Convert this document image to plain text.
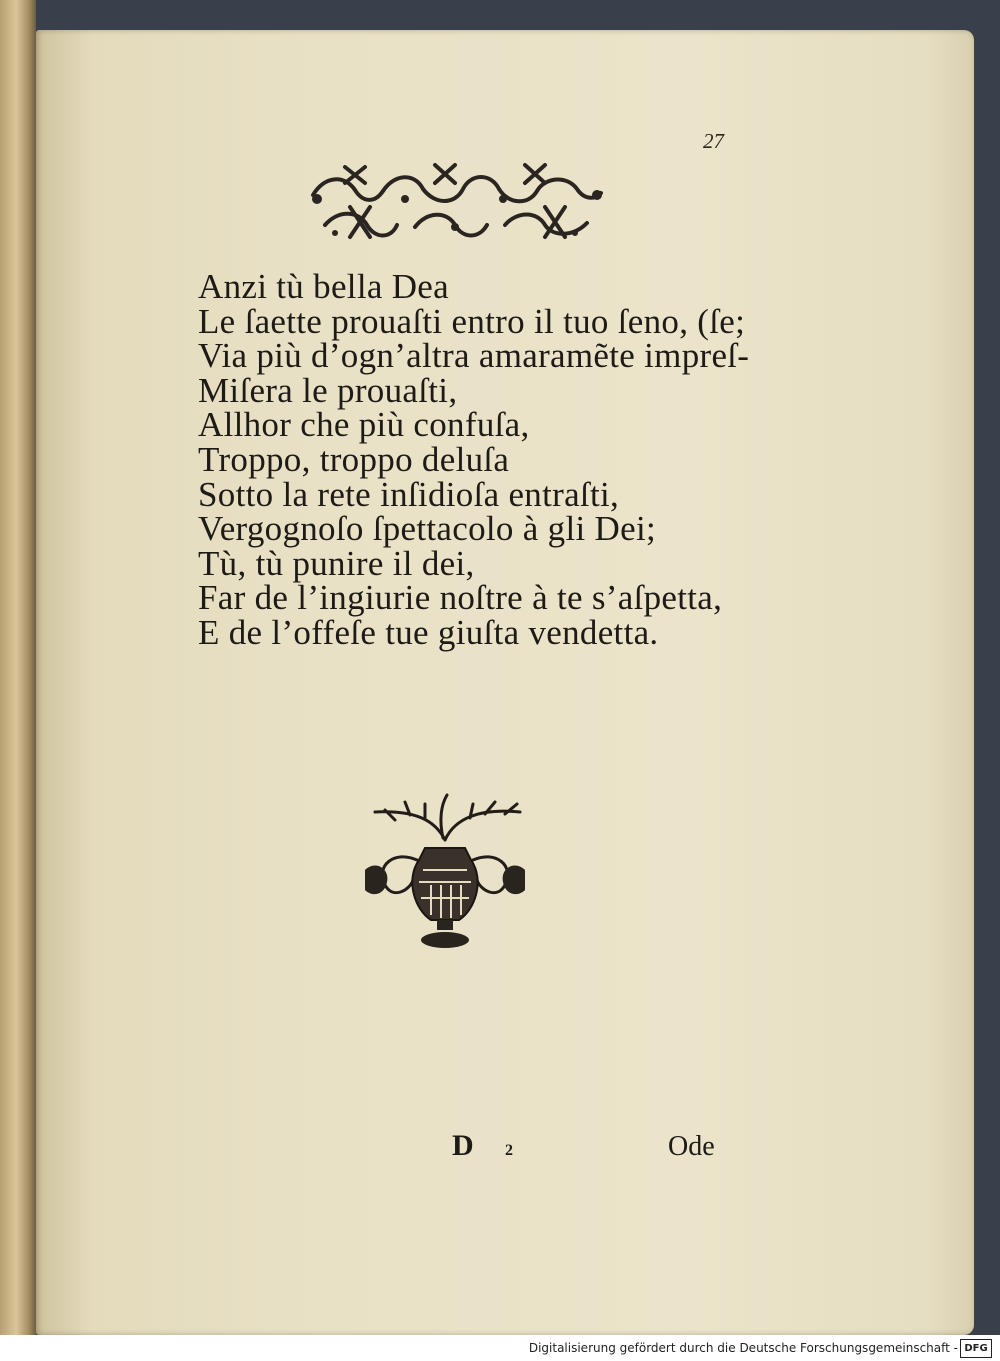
27
Anzi tù bella Dea
Le ſaette prouaſti entro il tuo ſeno, (ſe;
Via più d’ogn’altra amaramẽte impreſ-
Miſera le prouaſti,
Allhor che più confuſa,
Troppo, troppo deluſa
Sotto la rete inſidioſa entraſti,
Vergognoſo ſpettacolo à gli Dei;
Tù, tù punire il dei,
Far de l’ingiurie noſtre à te s’aſpetta,
E de l’offeſe tue giuſta vendetta.
D 2	Ode
Digitalisierung gefördert durch die Deutsche Forschungsgemeinschaft - DFG
